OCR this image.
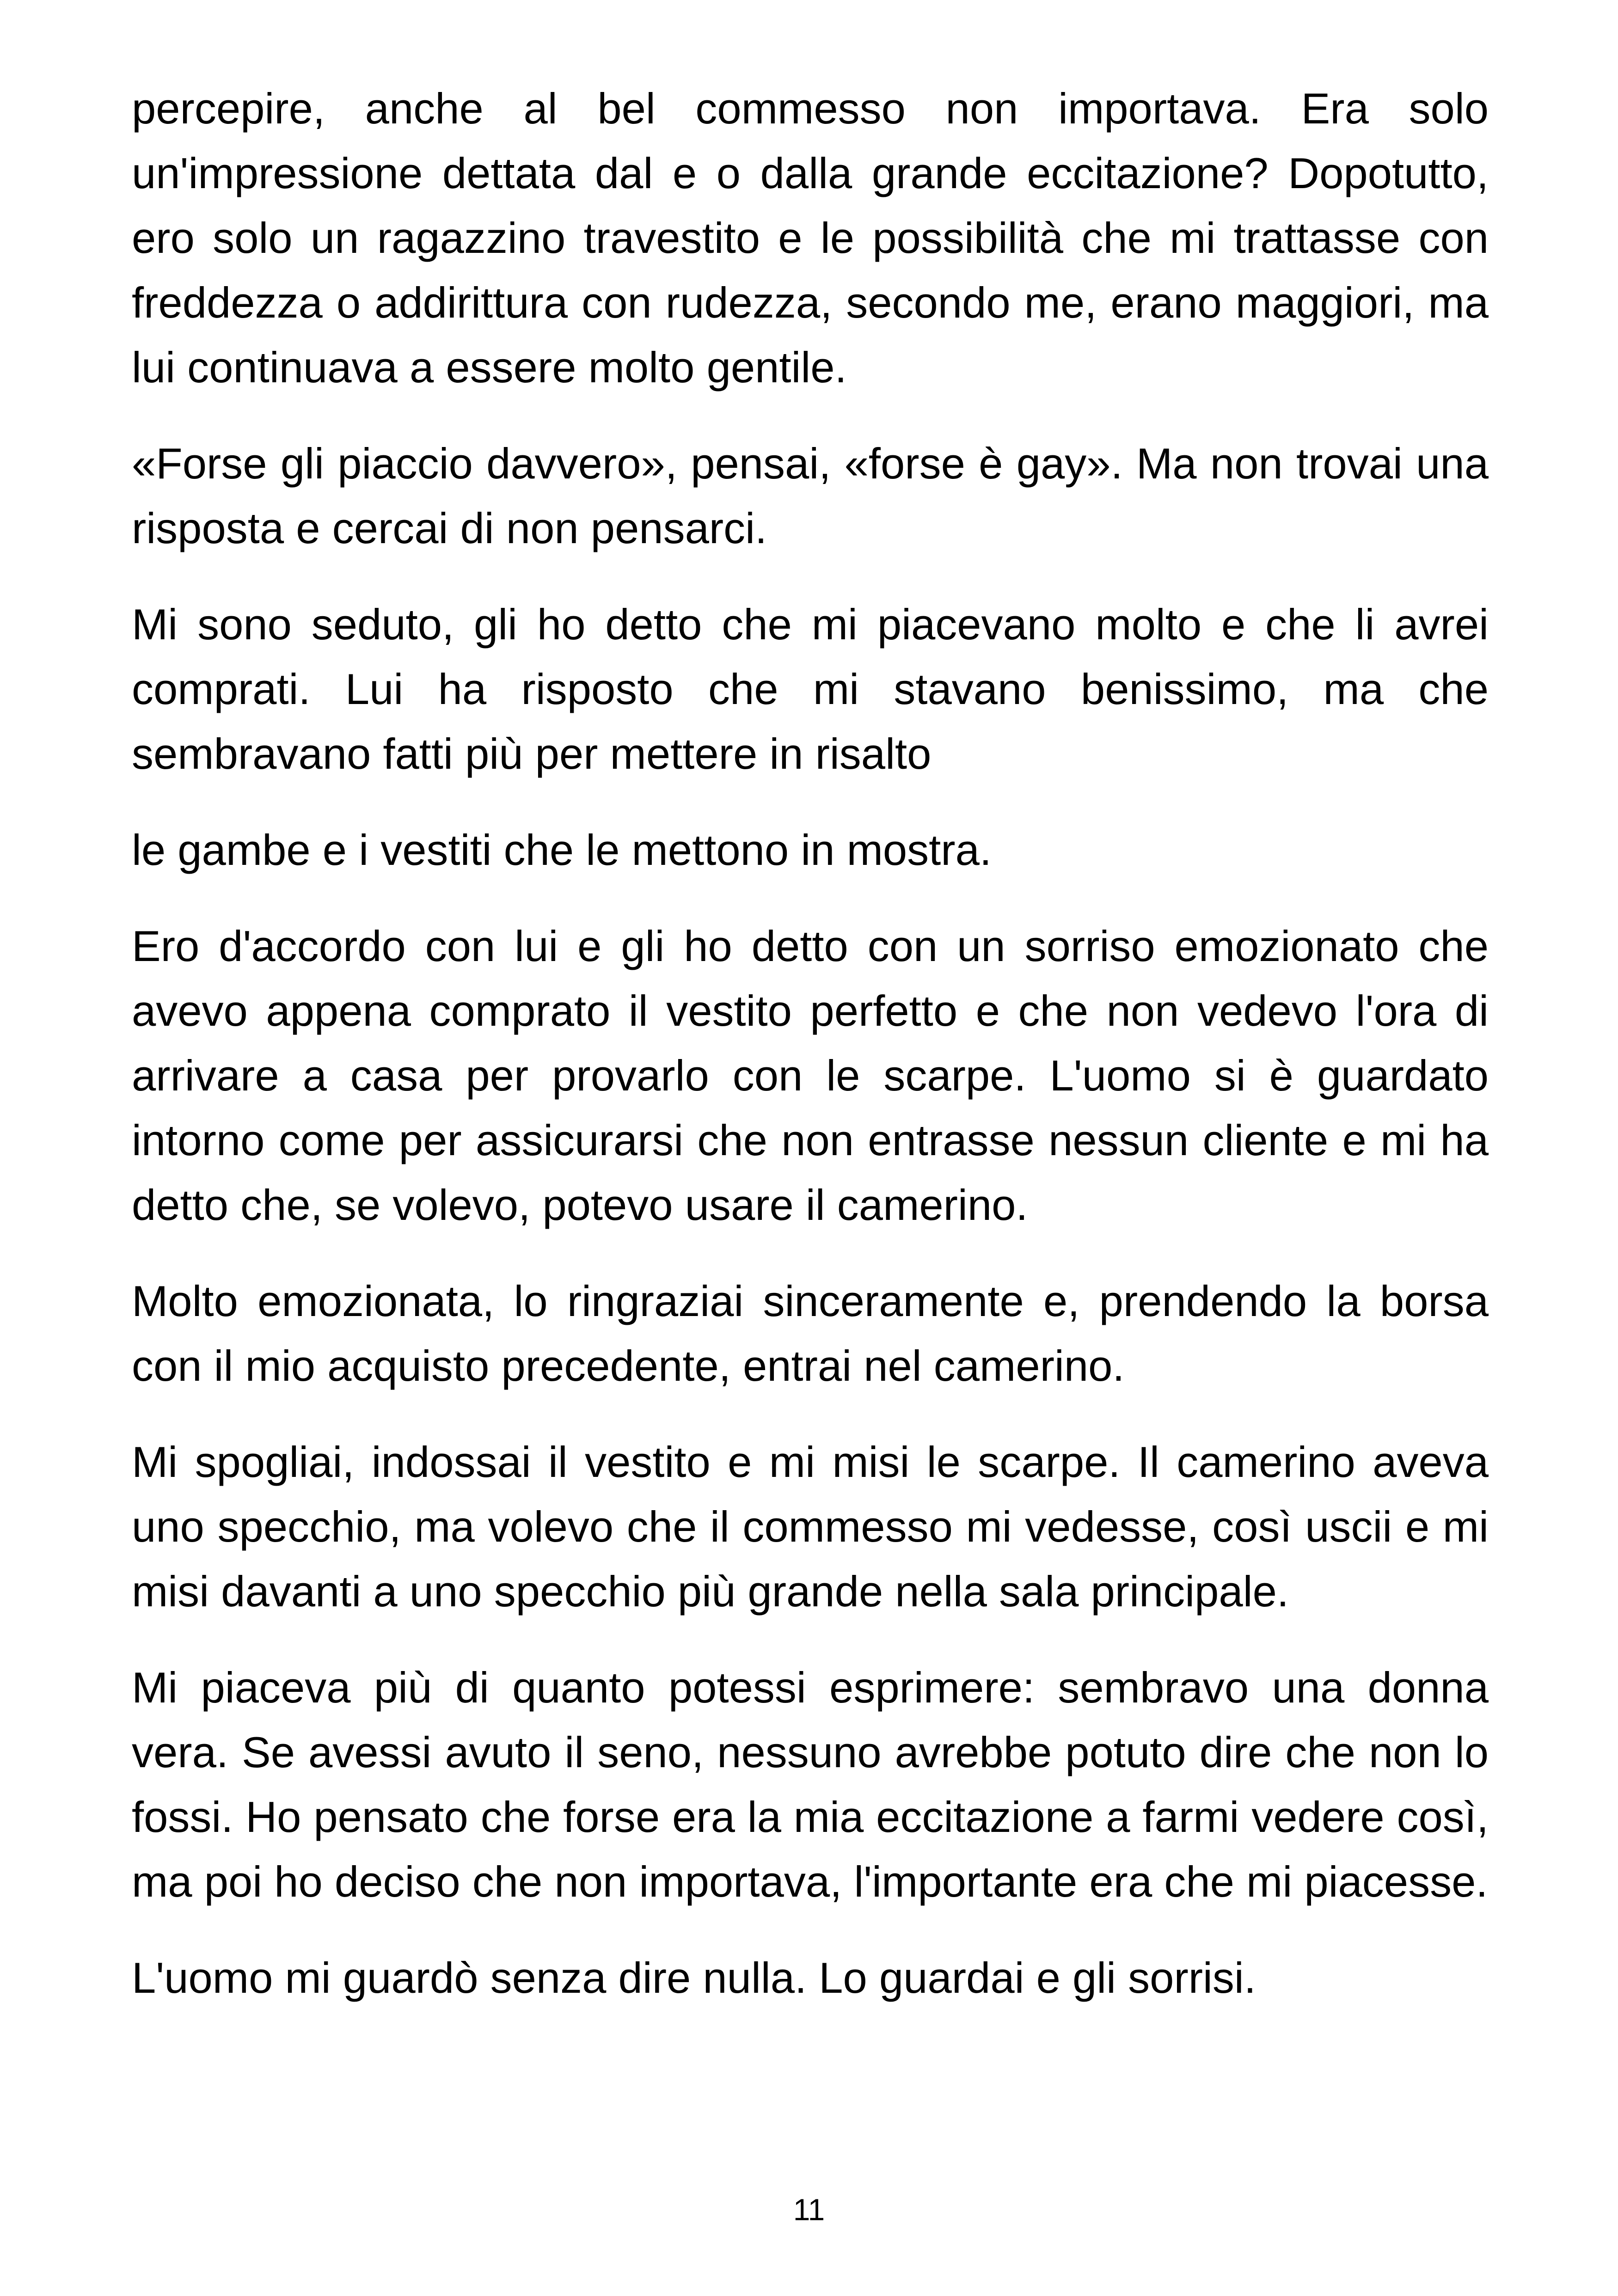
percepire, anche al bel commesso non importava. Era solo un'impressione dettata dal e o dalla grande eccitazione? Dopotutto, ero solo un ragazzino travestito e le possibilità che mi trattasse con freddezza o addirittura con rudezza, secondo me, erano maggiori, ma lui continuava a essere molto gentile.

«Forse gli piaccio davvero», pensai, «forse è gay». Ma non trovai una risposta e cercai di non pensarci.

Mi sono seduto, gli ho detto che mi piacevano molto e che li avrei comprati. Lui ha risposto che mi stavano benissimo, ma che sembravano fatti più per mettere in risalto

le gambe e i vestiti che le mettono in mostra.

Ero d'accordo con lui e gli ho detto con un sorriso emozionato che avevo appena comprato il vestito perfetto e che non vedevo l'ora di arrivare a casa per provarlo con le scarpe. L'uomo si è guardato intorno come per assicurarsi che non entrasse nessun cliente e mi ha detto che, se volevo, potevo usare il camerino.

Molto emozionata, lo ringraziai sinceramente e, prendendo la borsa con il mio acquisto precedente, entrai nel camerino.

Mi spogliai, indossai il vestito e mi misi le scarpe. Il camerino aveva uno specchio, ma volevo che il commesso mi vedesse, così uscii e mi misi davanti a uno specchio più grande nella sala principale.

Mi piaceva più di quanto potessi esprimere: sembravo una donna vera. Se avessi avuto il seno, nessuno avrebbe potuto dire che non lo fossi. Ho pensato che forse era la mia eccitazione a farmi vedere così, ma poi ho deciso che non importava, l'importante era che mi piacesse.

L'uomo mi guardò senza dire nulla. Lo guardai e gli sorrisi.

11
